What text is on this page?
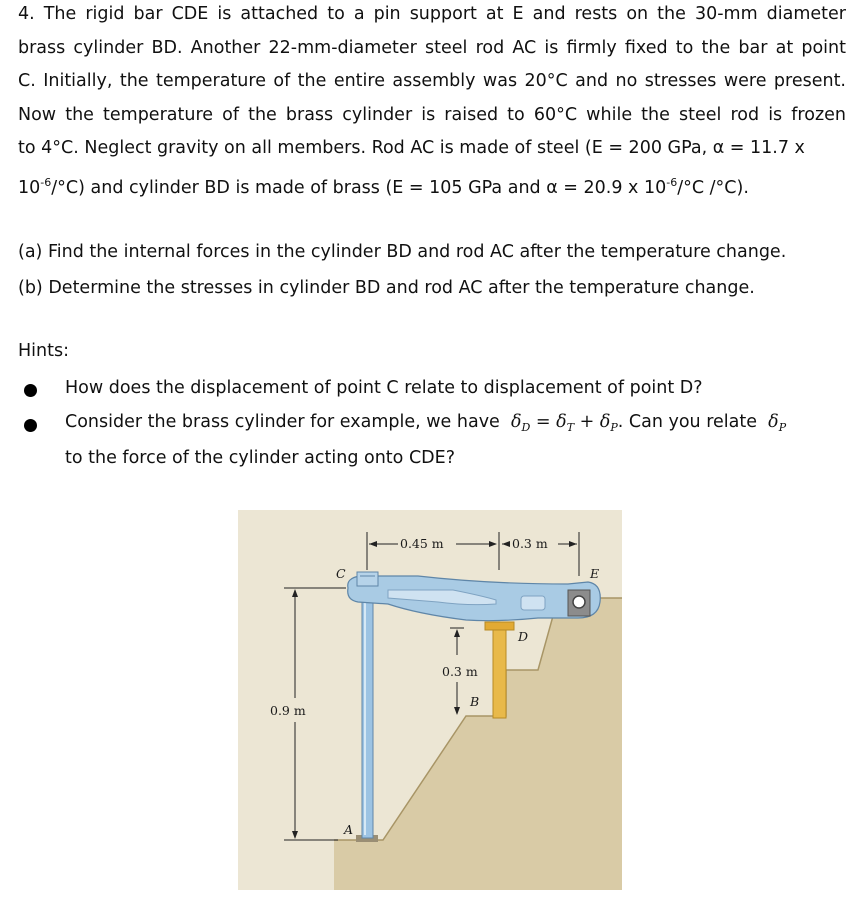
4. The rigid bar CDE is attached to a pin support at E and rests on the 30-mm diameter
brass cylinder BD. Another 22-mm-diameter steel rod AC is firmly fixed to the bar at point
C. Initially, the temperature of the entire assembly was 20°C and no stresses were present.
Now the temperature of the brass cylinder is raised to 60°C while the steel rod is frozen
to 4°C. Neglect gravity on all members. Rod AC is made of steel (E = 200 GPa, α = 11.7 x
$10^{-6}/^\circ C$) and cylinder BD is made of brass (E = 105 GPa and α = 20.9 x $10^{-6}/^\circ C$ /°C).
(a) Find the internal forces in the cylinder BD and rod AC after the temperature change.
(b) Determine the stresses in cylinder BD and rod AC after the temperature change.
Hints:
How does the displacement of point C relate to displacement of point D?
Consider the brass cylinder for example, we have $\delta_D = \delta_T + \delta_P$. Can you relate $\delta_P$
to the force of the cylinder acting onto CDE?
0.45 m	0.3 m
0.3 m
0.9 m
C
D
E
B
A
